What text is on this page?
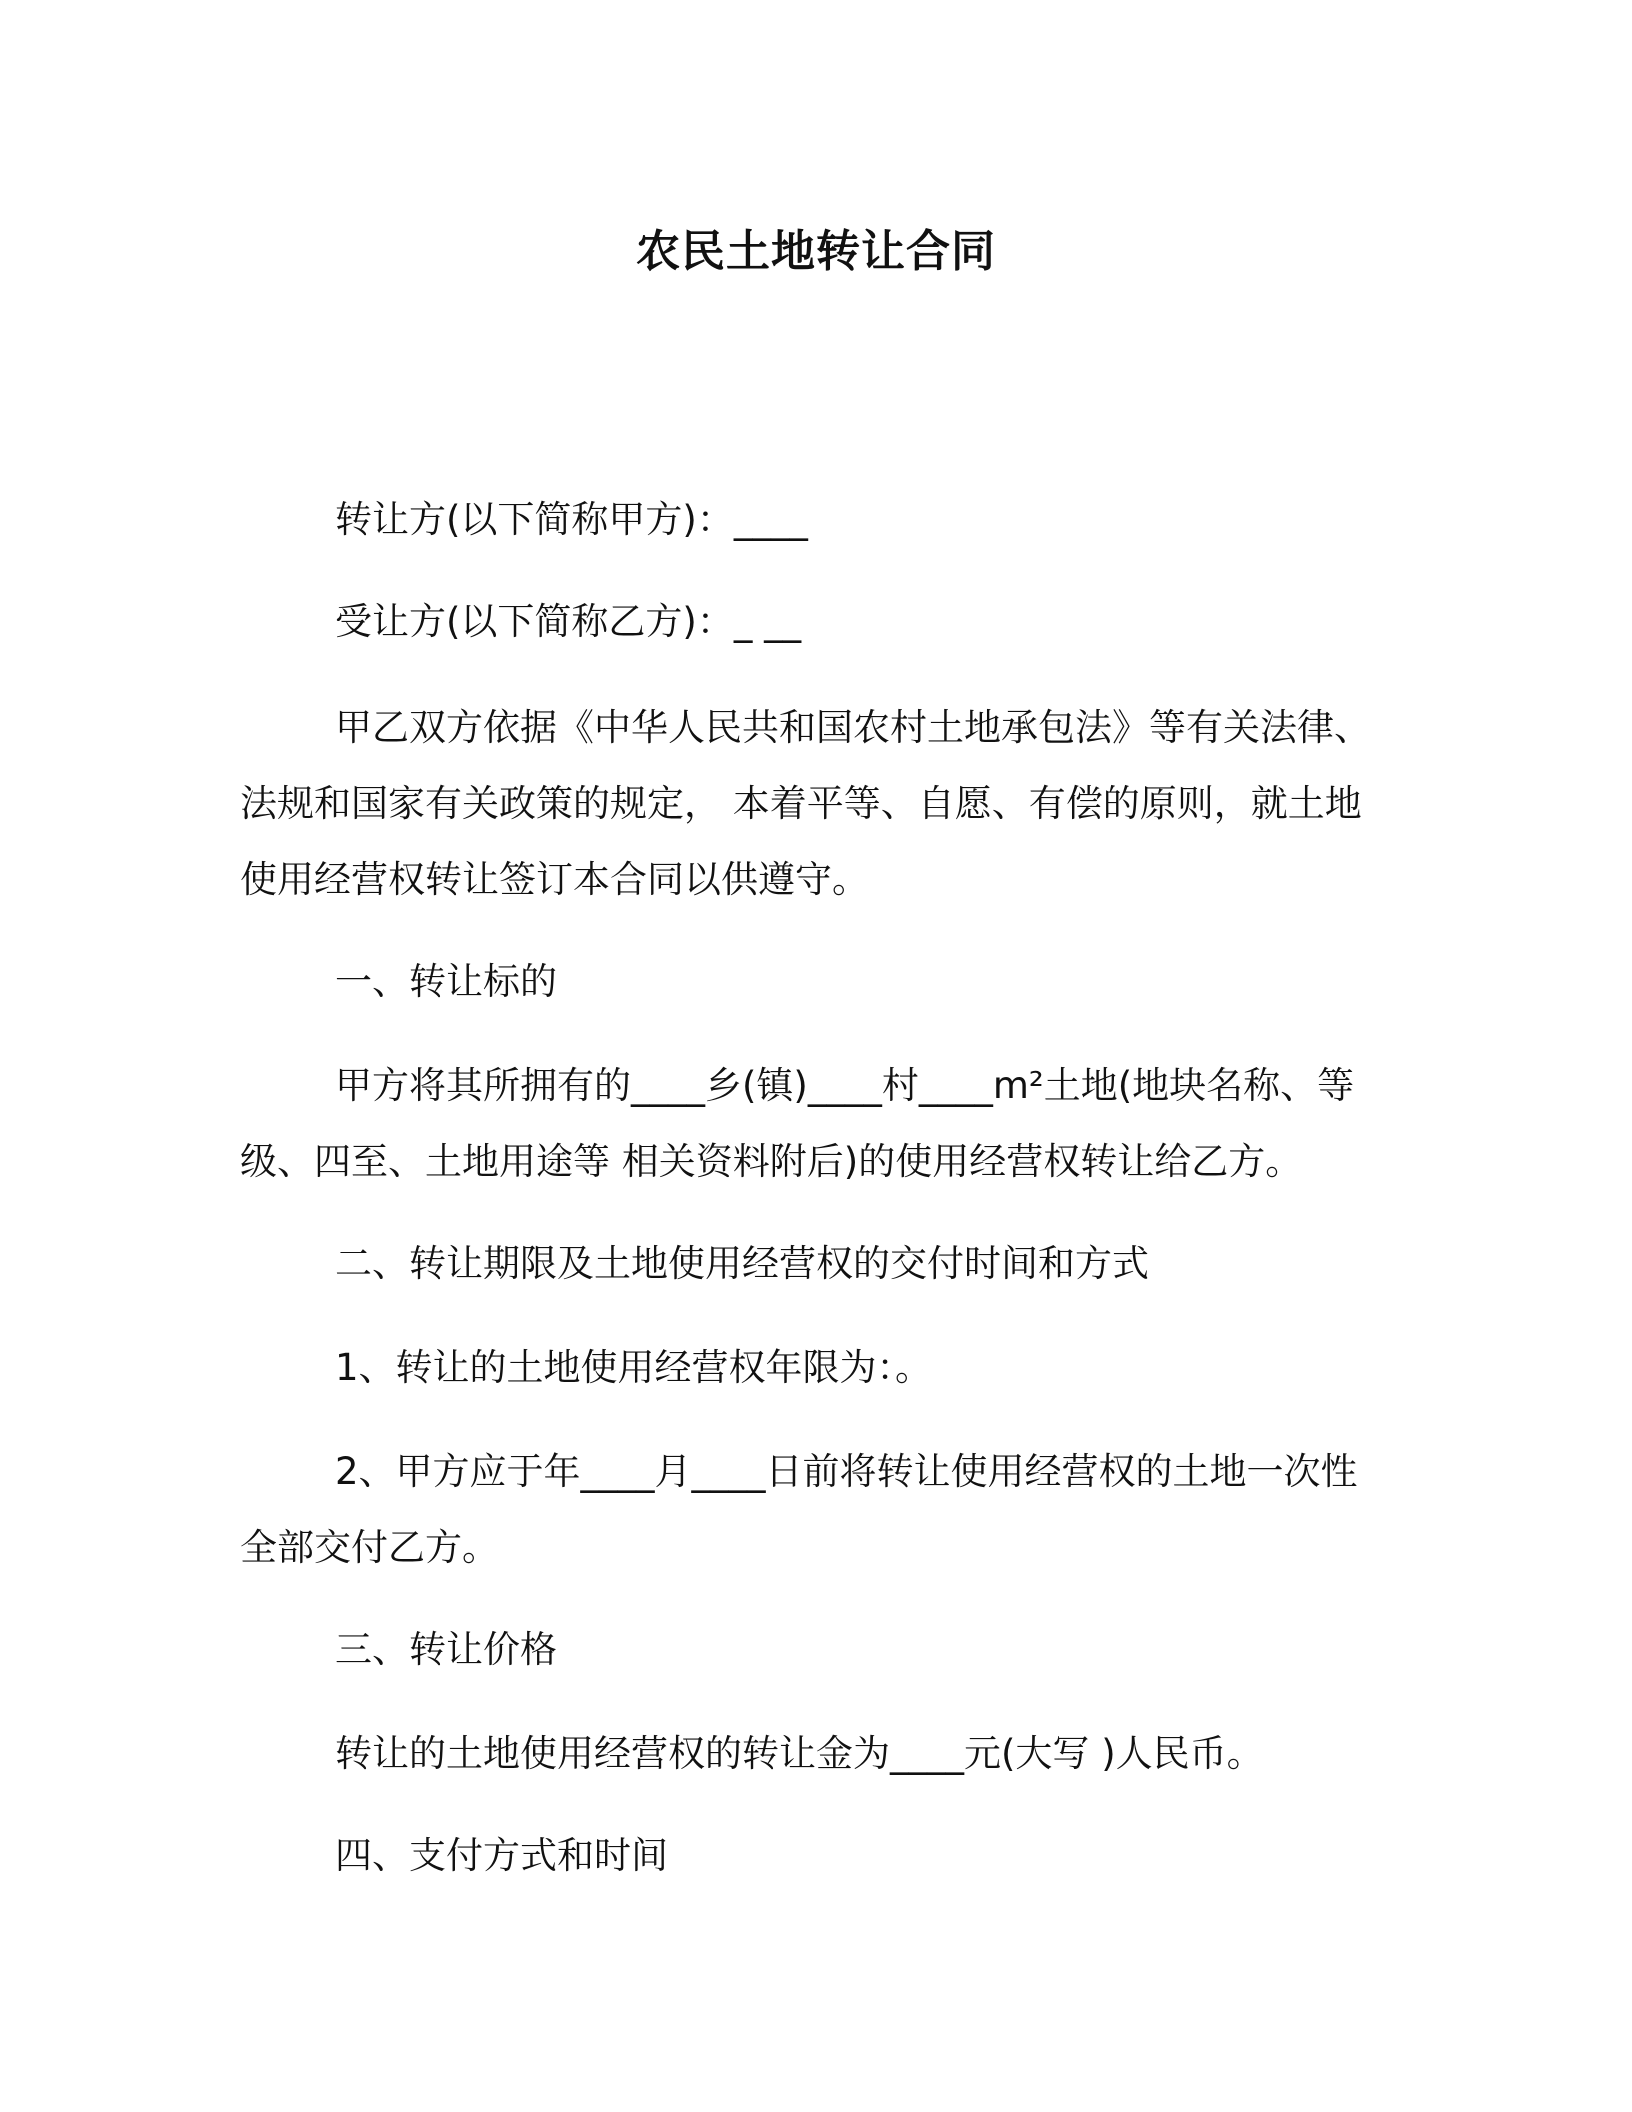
农民土地转让合同
转让方(以下简称甲方)：____
受让方(以下简称乙方)：_ __
甲乙双方依据《中华人民共和国农村土地承包法》等有关法律、
法规和国家有关政策的规定， 本着平等、自愿、有偿的原则，就土地
使用经营权转让签订本合同以供遵守。
一、转让标的
甲方将其所拥有的____乡(镇)____村____m²土地(地块名称、等
级、四至、土地用途等 相关资料附后)的使用经营权转让给乙方。
二、转让期限及土地使用经营权的交付时间和方式
1、转让的土地使用经营权年限为：。
2、甲方应于年____月____日前将转让使用经营权的土地一次性
全部交付乙方。
三、转让价格
转让的土地使用经营权的转让金为____元(大写 )人民币。
四、支付方式和时间
